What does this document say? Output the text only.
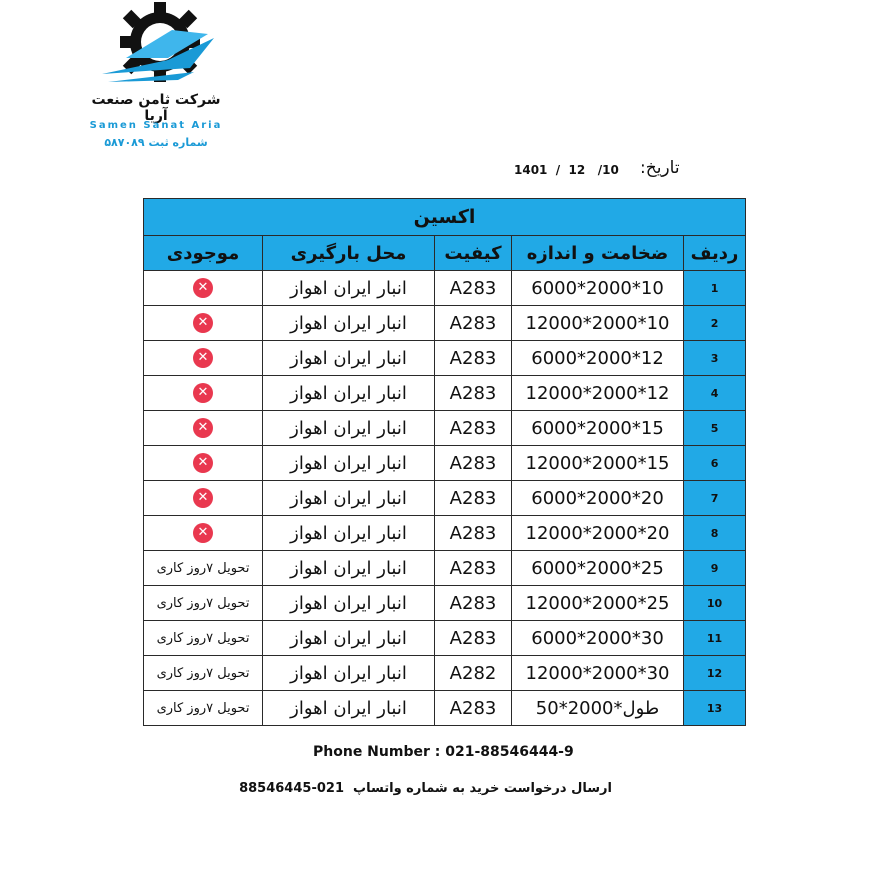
شرکت ثامن صنعت آریا
Samen Sanat Aria
شماره ثبت ۵۸۷۰۸۹
تاریخ:
1401  /  12   /10
اکسین				
ردیف	ضخامت و اندازه	کیفیت	محل بارگیری	موجودی
1	6000*2000*10	A283	انبار ایران اهواز	✕
2	12000*2000*10	A283	انبار ایران اهواز	✕
3	6000*2000*12	A283	انبار ایران اهواز	✕
4	12000*2000*12	A283	انبار ایران اهواز	✕
5	6000*2000*15	A283	انبار ایران اهواز	✕
6	12000*2000*15	A283	انبار ایران اهواز	✕
7	6000*2000*20	A283	انبار ایران اهواز	✕
8	12000*2000*20	A283	انبار ایران اهواز	✕
9	6000*2000*25	A283	انبار ایران اهواز	تحویل ۷روز کاری
10	12000*2000*25	A283	انبار ایران اهواز	تحویل ۷روز کاری
11	6000*2000*30	A283	انبار ایران اهواز	تحویل ۷روز کاری
12	12000*2000*30	A282	انبار ایران اهواز	تحویل ۷روز کاری
13	طول*2000*50	A283	انبار ایران اهواز	تحویل ۷روز کاری
Phone Number : 021-88546444-9
ارسال درخواست خرید به شماره واتساپ  021-88546445
